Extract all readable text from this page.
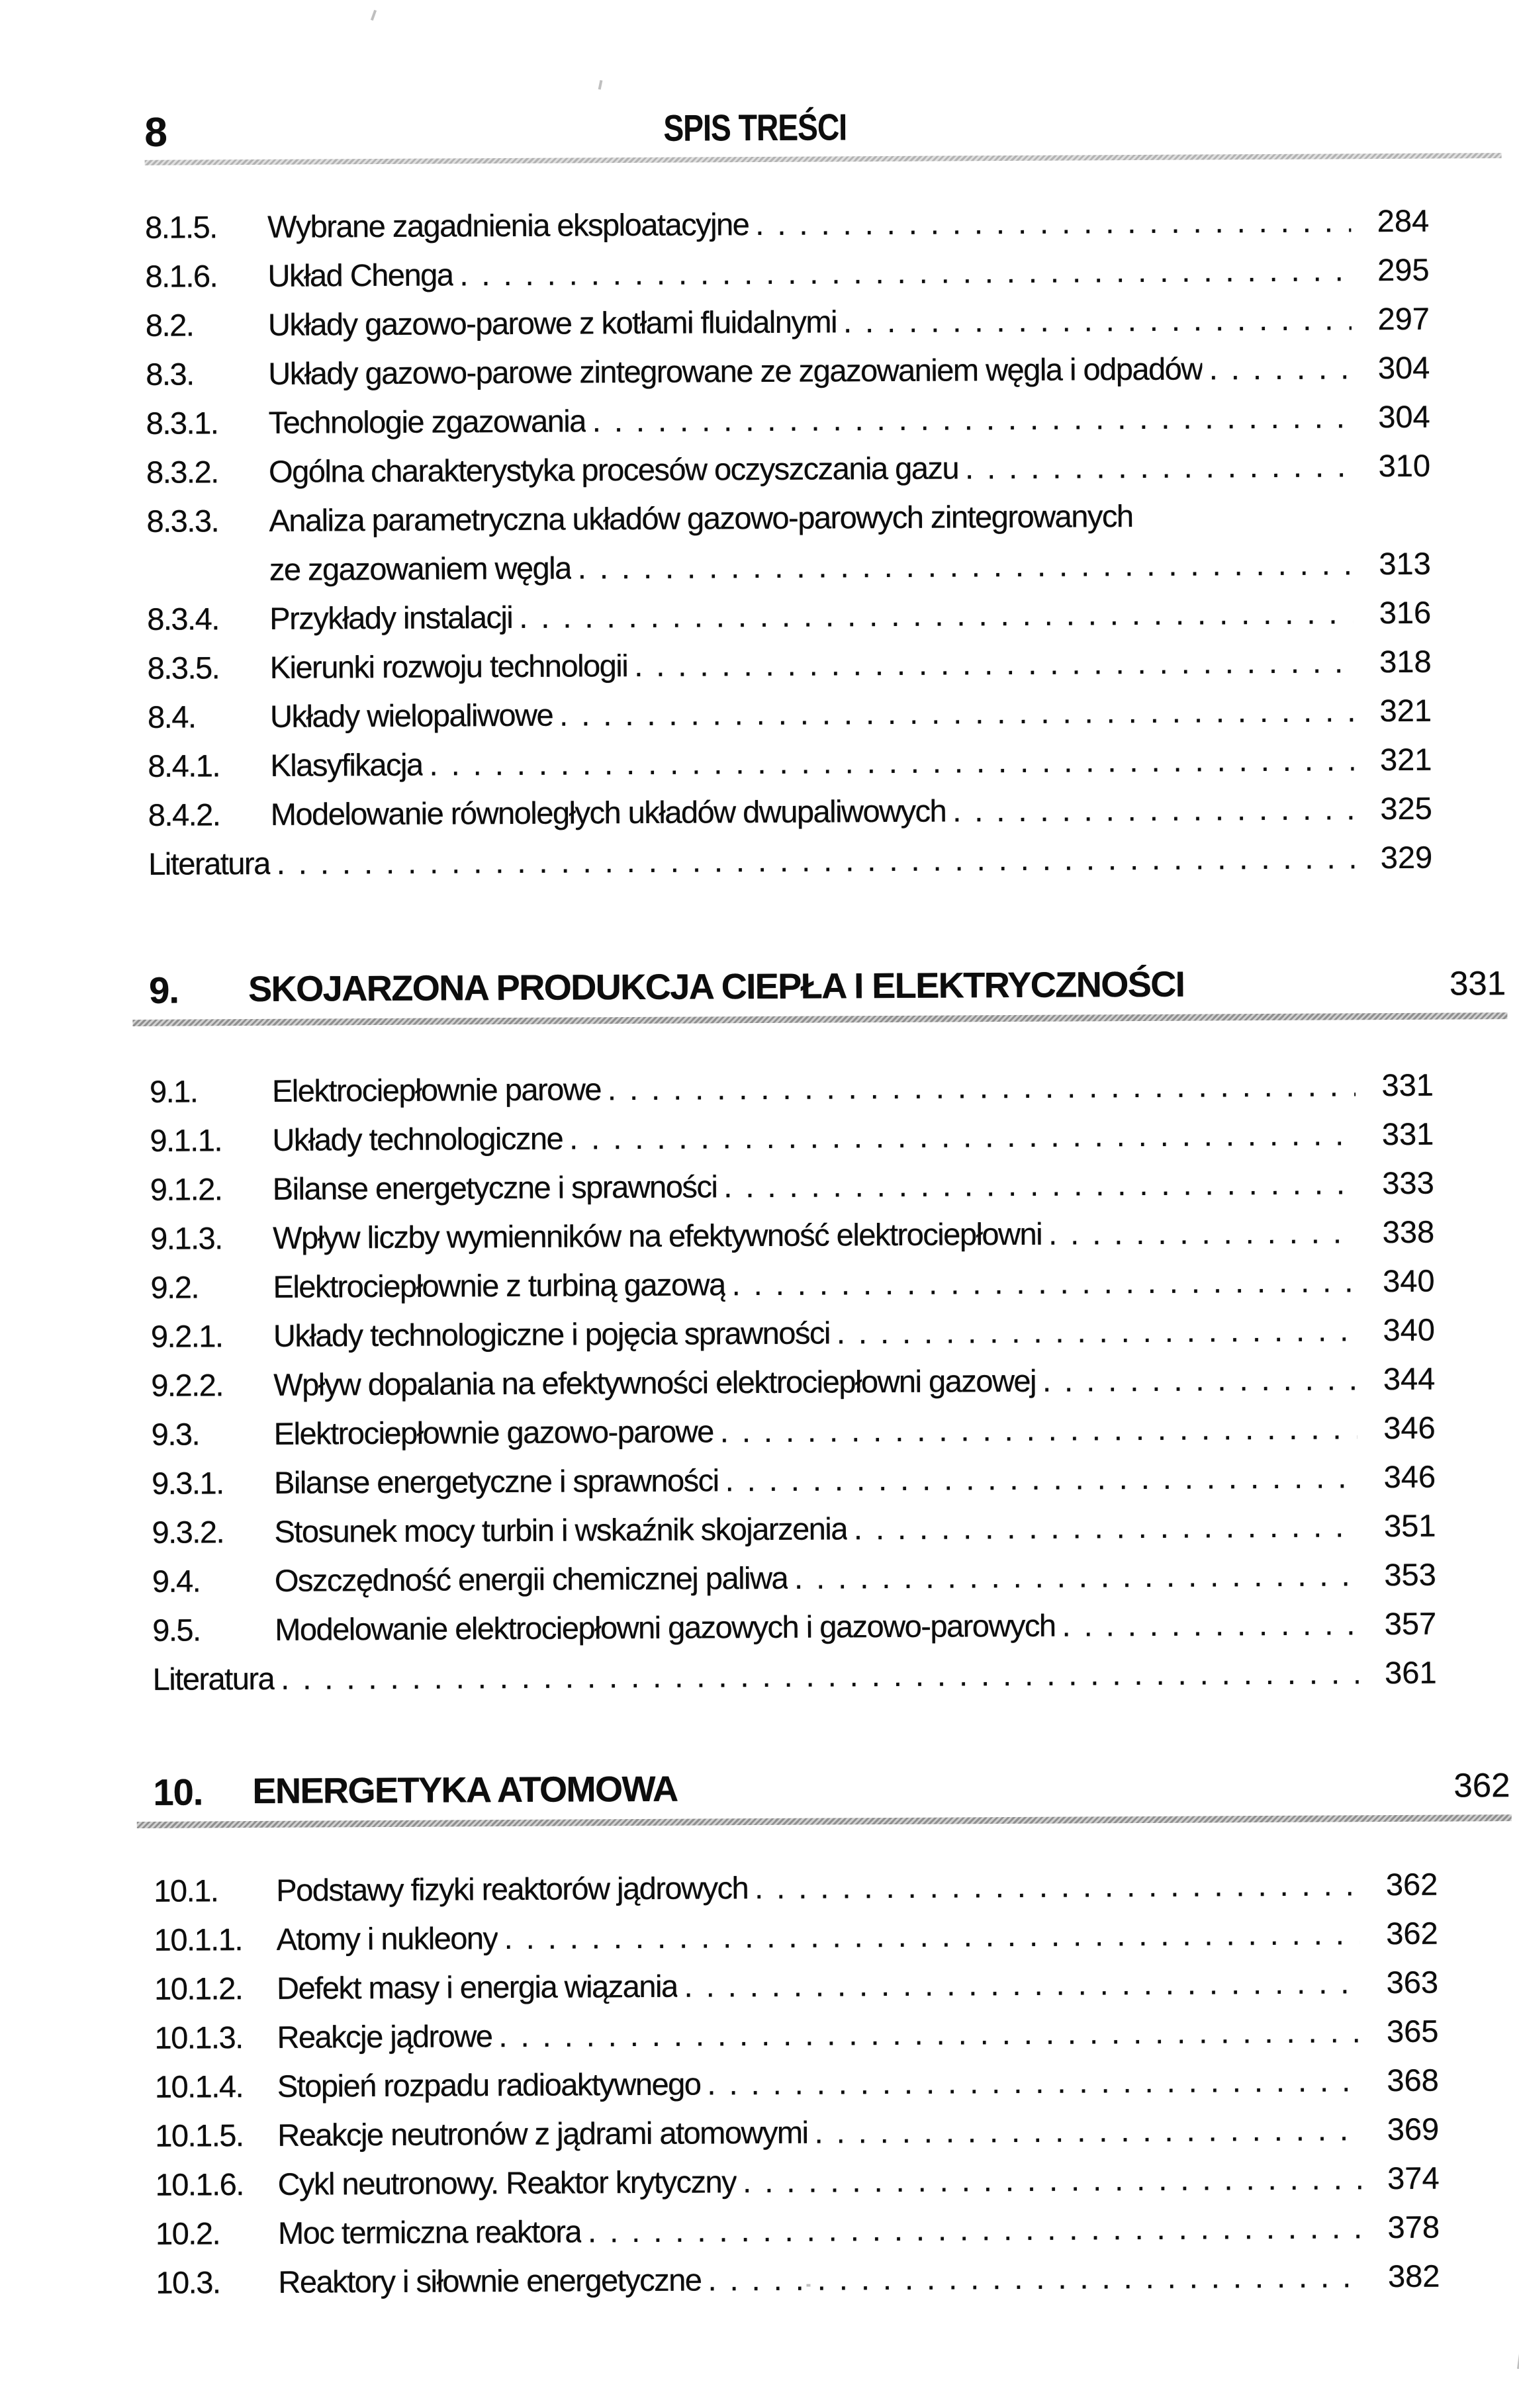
8	SPIS TREŚCI
8.1.5.	Wybrane zagadnienia eksploatacyjne .....	284
8.1.6.	Układ Chenga .....	295
8.2.	Układy gazowo-parowe z kotłami fluidalnymi .....	297
8.3.	Układy gazowo-parowe zintegrowane ze zgazowaniem węgla i odpadów .....	304
8.3.1.	Technologie zgazowania .....	304
8.3.2.	Ogólna charakterystyka procesów oczyszczania gazu .....	310
8.3.3.	Analiza parametryczna układów gazowo-parowych zintegrowanych
ze zgazowaniem węgla .....	313
8.3.4.	Przykłady instalacji .....	316
8.3.5.	Kierunki rozwoju technologii .....	318
8.4.	Układy wielopaliwowe .....	321
8.4.1.	Klasyfikacja .....	321
8.4.2.	Modelowanie równoległych układów dwupaliwowych .....	325
Literatura .....	329
9.	SKOJARZONA PRODUKCJA CIEPŁA I ELEKTRYCZNOŚCI	331
9.1.	Elektrociepłownie parowe .....	331
9.1.1.	Układy technologiczne .....	331
9.1.2.	Bilanse energetyczne i sprawności .....	333
9.1.3.	Wpływ liczby wymienników na efektywność elektrociepłowni .....	338
9.2.	Elektrociepłownie z turbiną gazową .....	340
9.2.1.	Układy technologiczne i pojęcia sprawności .....	340
9.2.2.	Wpływ dopalania na efektywności elektrociepłowni gazowej .....	344
9.3.	Elektrociepłownie gazowo-parowe .....	346
9.3.1.	Bilanse energetyczne i sprawności .....	346
9.3.2.	Stosunek mocy turbin i wskaźnik skojarzenia .....	351
9.4.	Oszczędność energii chemicznej paliwa .....	353
9.5.	Modelowanie elektrociepłowni gazowych i gazowo-parowych .....	357
Literatura .....	361
10.	ENERGETYKA ATOMOWA	362
10.1.	Podstawy fizyki reaktorów jądrowych .....	362
10.1.1.	Atomy i nukleony .....	362
10.1.2.	Defekt masy i energia wiązania .....	363
10.1.3.	Reakcje jądrowe .....	365
10.1.4.	Stopień rozpadu radioaktywnego .....	368
10.1.5.	Reakcje neutronów z jądrami atomowymi .....	369
10.1.6.	Cykl neutronowy. Reaktor krytyczny .....	374
10.2.	Moc termiczna reaktora .....	378
10.3.	Reaktory i siłownie energetyczne .....	382
